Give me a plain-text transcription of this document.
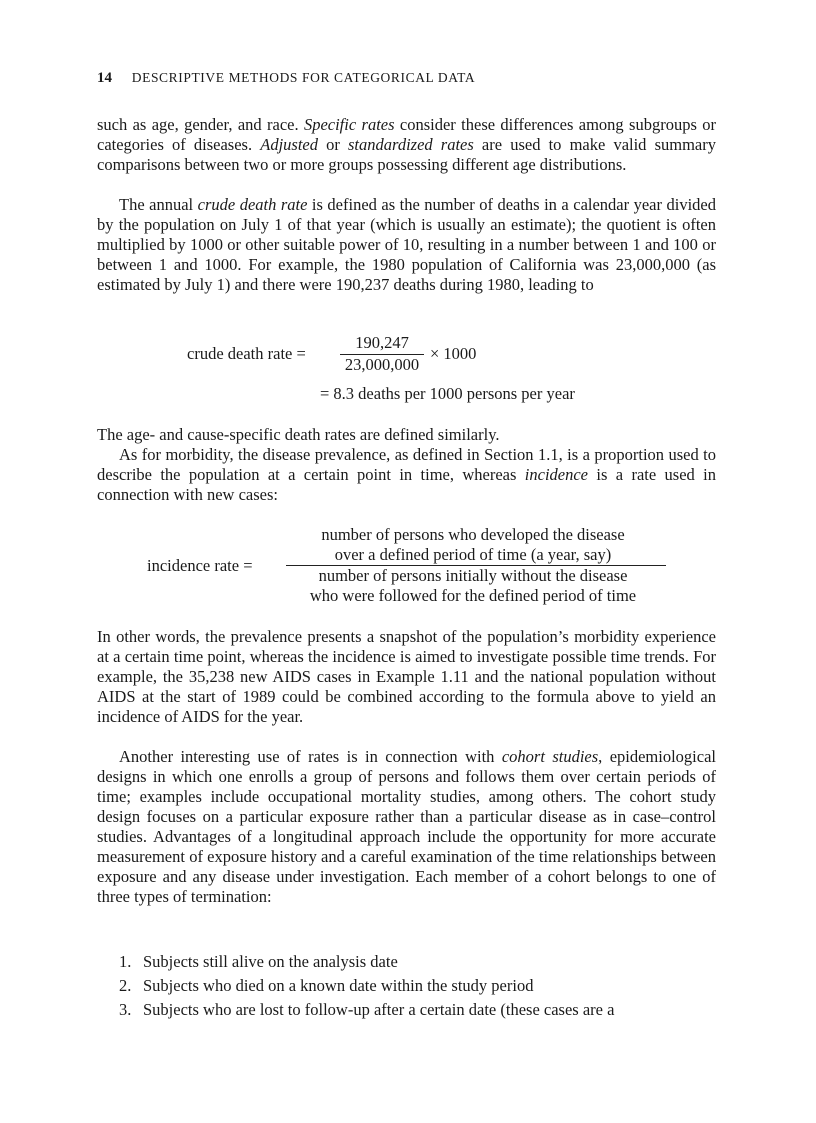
14 DESCRIPTIVE METHODS FOR CATEGORICAL DATA

such as age, gender, and race. Specific rates consider these differences among subgroups or categories of diseases. Adjusted or standardized rates are used to make valid summary comparisons between two or more groups possessing different age distributions.

The annual crude death rate is defined as the number of deaths in a calendar year divided by the population on July 1 of that year (which is usually an estimate); the quotient is often multiplied by 1000 or other suitable power of 10, resulting in a number between 1 and 100 or between 1 and 1000. For example, the 1980 population of California was 23,000,000 (as estimated by July 1) and there were 190,237 deaths during 1980, leading to

crude death rate =
190,247
23,000,000
× 1000
= 8.3 deaths per 1000 persons per year

The age- and cause-specific death rates are defined similarly.

As for morbidity, the disease prevalence, as defined in Section 1.1, is a proportion used to describe the population at a certain point in time, whereas incidence is a rate used in connection with new cases:

incidence rate =
number of persons who developed the disease
over a defined period of time (a year, say)
number of persons initially without the disease
who were followed for the defined period of time

In other words, the prevalence presents a snapshot of the population’s morbidity experience at a certain time point, whereas the incidence is aimed to investigate possible time trends. For example, the 35,238 new AIDS cases in Example 1.11 and the national population without AIDS at the start of 1989 could be combined according to the formula above to yield an incidence of AIDS for the year.

Another interesting use of rates is in connection with cohort studies, epidemiological designs in which one enrolls a group of persons and follows them over certain periods of time; examples include occupational mortality studies, among others. The cohort study design focuses on a particular exposure rather than a particular disease as in case–control studies. Advantages of a longitudinal approach include the opportunity for more accurate measurement of exposure history and a careful examination of the time relationships between exposure and any disease under investigation. Each member of a cohort belongs to one of three types of termination:

1. Subjects still alive on the analysis date
2. Subjects who died on a known date within the study period
3. Subjects who are lost to follow-up after a certain date (these cases are a
